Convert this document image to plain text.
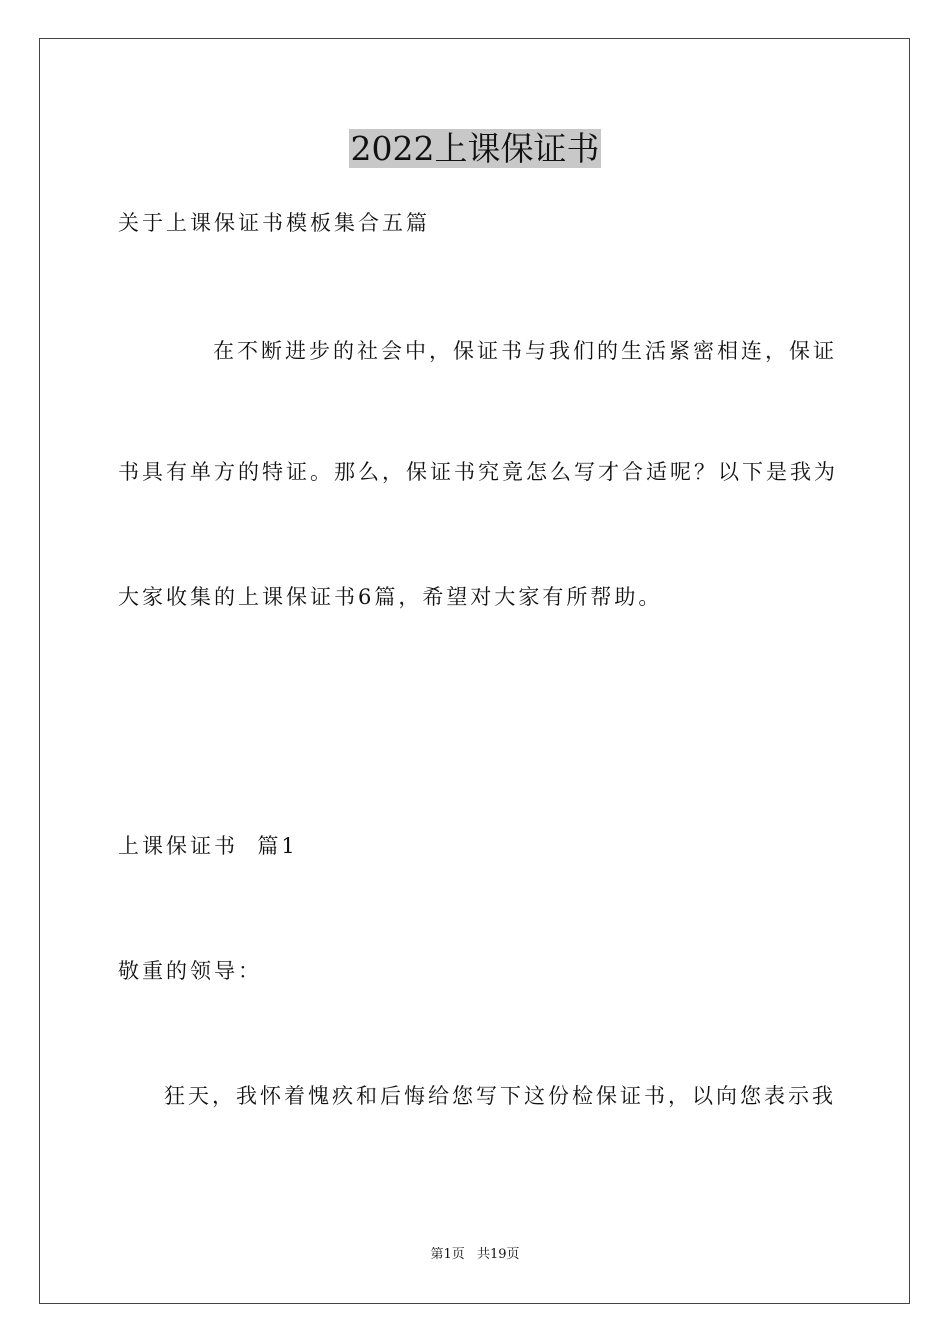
2022上课保证书
关于上课保证书模板集合五篇
在不断进步的社会中，保证书与我们的生活紧密相连，保证
书具有单方的特证。那么，保证书究竟怎么写才合适呢？以下是我为
大家收集的上课保证书6篇，希望对大家有所帮助。
上课保证书  篇1
敬重的领导：
狂天，我怀着愧疚和后悔给您写下这份检保证书，以向您表示我
第1页 共19页
